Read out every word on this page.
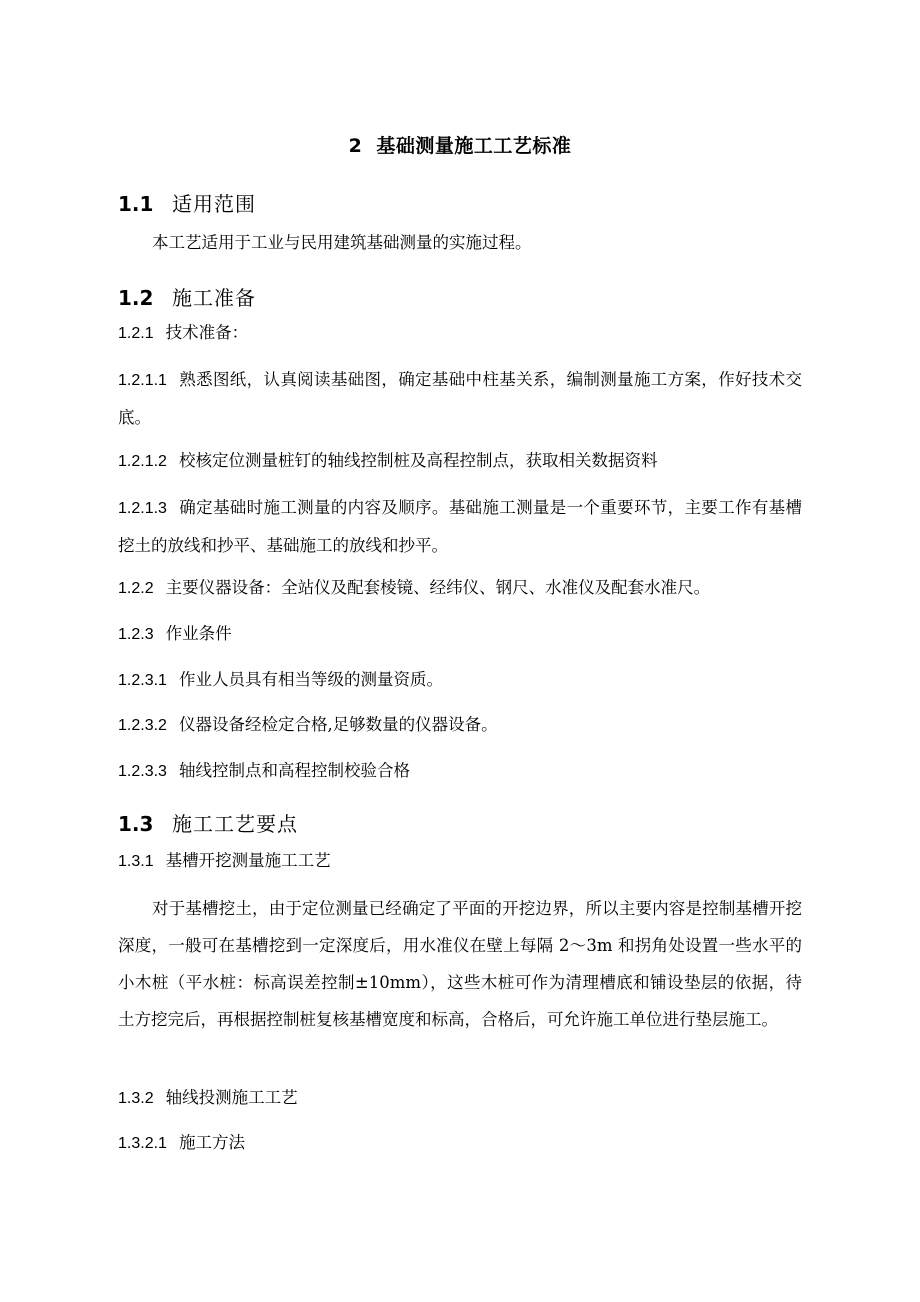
2 基础测量施工工艺标准
1.1 适用范围
本工艺适用于工业与民用建筑基础测量的实施过程。
1.2 施工准备
1.2.1 技术准备：
1.2.1.1 熟悉图纸，认真阅读基础图，确定基础中柱基关系，编制测量施工方案，作好技术交底。
1.2.1.2 校核定位测量桩钉的轴线控制桩及高程控制点，获取相关数据资料
1.2.1.3 确定基础时施工测量的内容及顺序。基础施工测量是一个重要环节，主要工作有基槽挖土的放线和抄平、基础施工的放线和抄平。
1.2.2 主要仪器设备：全站仪及配套棱镜、经纬仪、钢尺、水准仪及配套水准尺。
1.2.3 作业条件
1.2.3.1 作业人员具有相当等级的测量资质。
1.2.3.2 仪器设备经检定合格,足够数量的仪器设备。
1.2.3.3 轴线控制点和高程控制校验合格
1.3 施工工艺要点
1.3.1 基槽开挖测量施工工艺
对于基槽挖土，由于定位测量已经确定了平面的开挖边界，所以主要内容是控制基槽开挖深度，一般可在基槽挖到一定深度后，用水准仪在壁上每隔 2～3m 和拐角处设置一些水平的小木桩（平水桩：标高误差控制±10mm），这些木桩可作为清理槽底和铺设垫层的依据，待土方挖完后，再根据控制桩复核基槽宽度和标高，合格后，可允许施工单位进行垫层施工。
1.3.2 轴线投测施工工艺
1.3.2.1 施工方法
